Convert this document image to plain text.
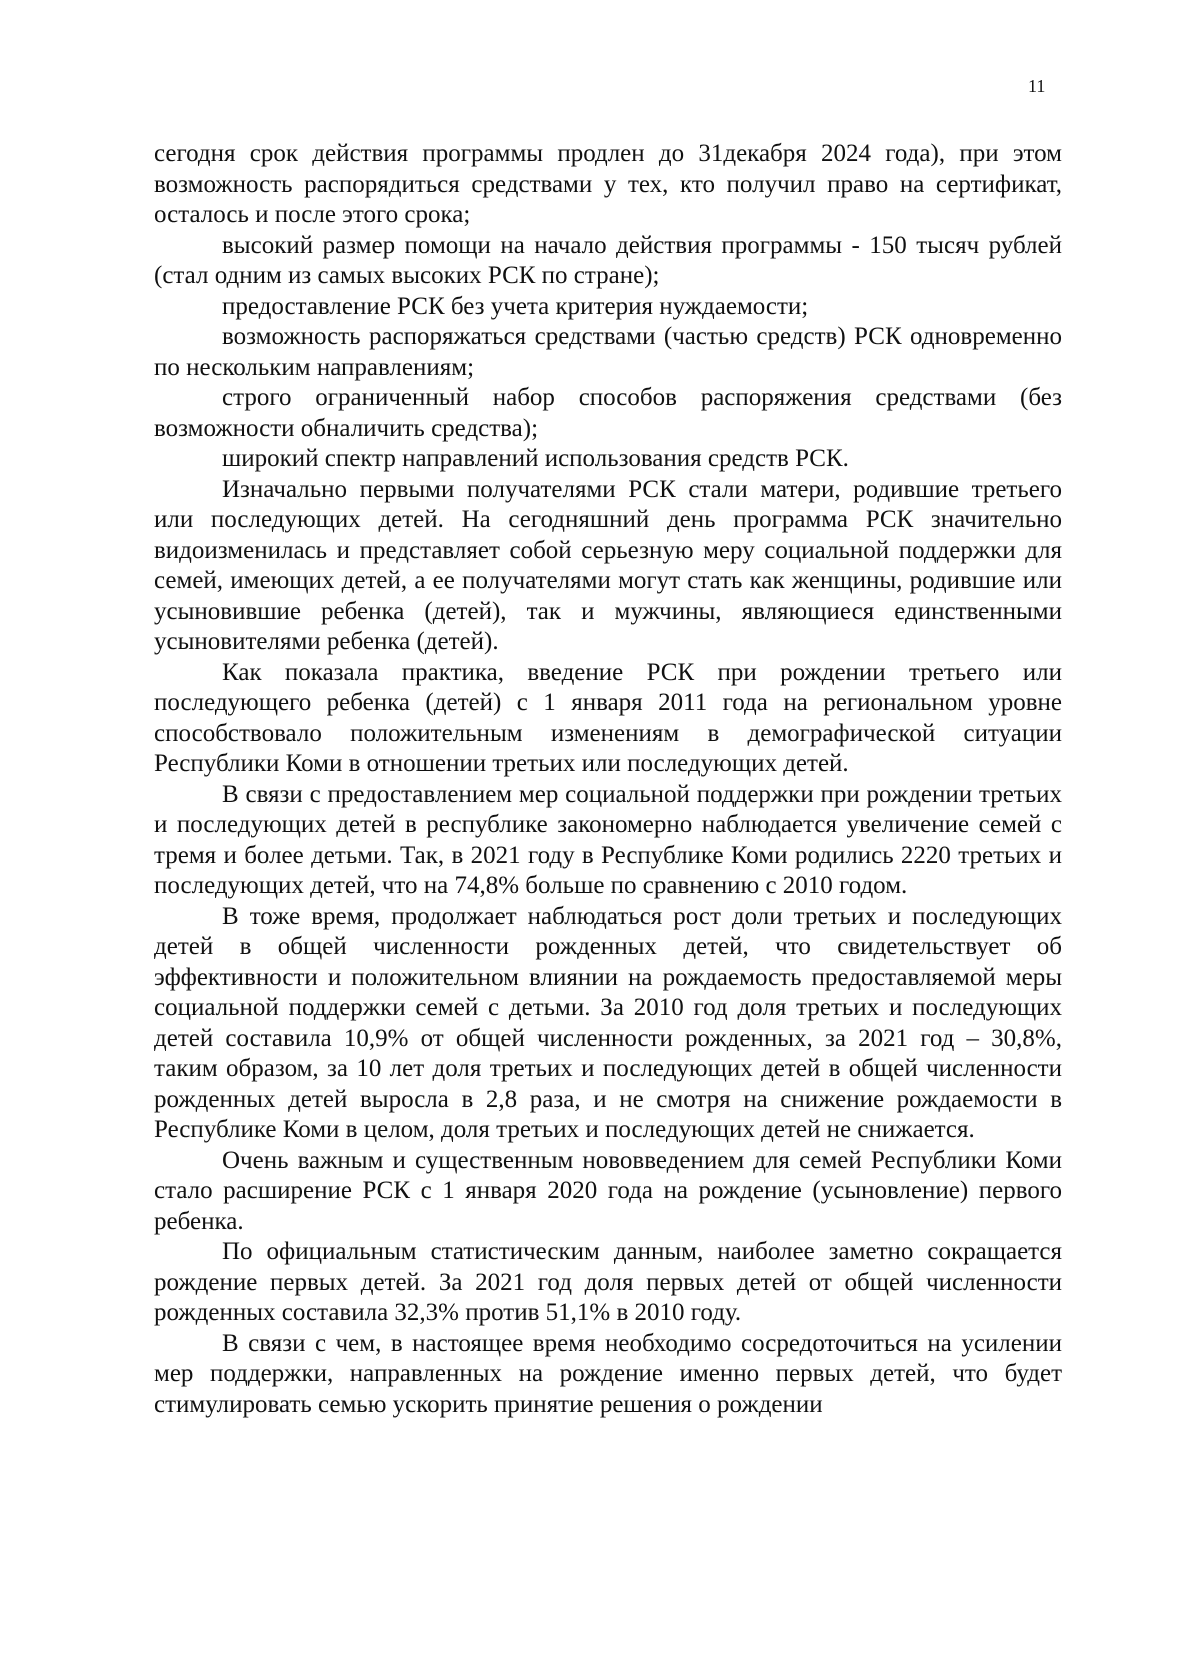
11

сегодня срок действия программы продлен до 31декабря 2024 года), при этом возможность распорядиться средствами у тех, кто получил право на сертификат, осталось и после этого срока;

высокий размер помощи на начало действия программы - 150 тысяч рублей (стал одним из самых высоких РСК по стране);

предоставление РСК без учета критерия нуждаемости;

возможность распоряжаться средствами (частью средств) РСК одновременно по нескольким направлениям;

строго ограниченный набор способов распоряжения средствами (без возможности обналичить средства);

широкий спектр направлений использования средств РСК.

Изначально первыми получателями РСК стали матери, родившие третьего или последующих детей. На сегодняшний день программа РСК значительно видоизменилась и представляет собой серьезную меру социальной поддержки для семей, имеющих детей, а ее получателями могут стать как женщины, родившие или усыновившие ребенка (детей), так и мужчины, являющиеся единственными усыновителями ребенка (детей).

Как показала практика, введение РСК при рождении третьего или последующего ребенка (детей) с 1 января 2011 года на региональном уровне способствовало положительным изменениям в демографической ситуации Республики Коми в отношении третьих или последующих детей.

В связи с предоставлением мер социальной поддержки при рождении третьих и последующих детей в республике закономерно наблюдается увеличение семей с тремя и более детьми. Так, в 2021 году в Республике Коми родились 2220 третьих и последующих детей, что на 74,8% больше по сравнению с 2010 годом.

В тоже время, продолжает наблюдаться рост доли третьих и последующих детей в общей численности рожденных детей, что свидетельствует об эффективности и положительном влиянии на рождаемость предоставляемой меры социальной поддержки семей с детьми. За 2010 год доля третьих и последующих детей составила 10,9% от общей численности рожденных, за 2021 год – 30,8%, таким образом, за 10 лет доля третьих и последующих детей в общей численности рожденных детей выросла в 2,8 раза, и не смотря на снижение рождаемости в Республике Коми в целом, доля третьих и последующих детей не снижается.

Очень важным и существенным нововведением для семей Республики Коми стало расширение РСК с 1 января 2020 года на рождение (усыновление) первого ребенка.

По официальным статистическим данным, наиболее заметно сокращается рождение первых детей. За 2021 год доля первых детей от общей численности рожденных составила 32,3% против 51,1% в 2010 году.

В связи с чем, в настоящее время необходимо сосредоточиться на усилении мер поддержки, направленных на рождение именно первых детей, что будет стимулировать семью ускорить принятие решения о рождении
